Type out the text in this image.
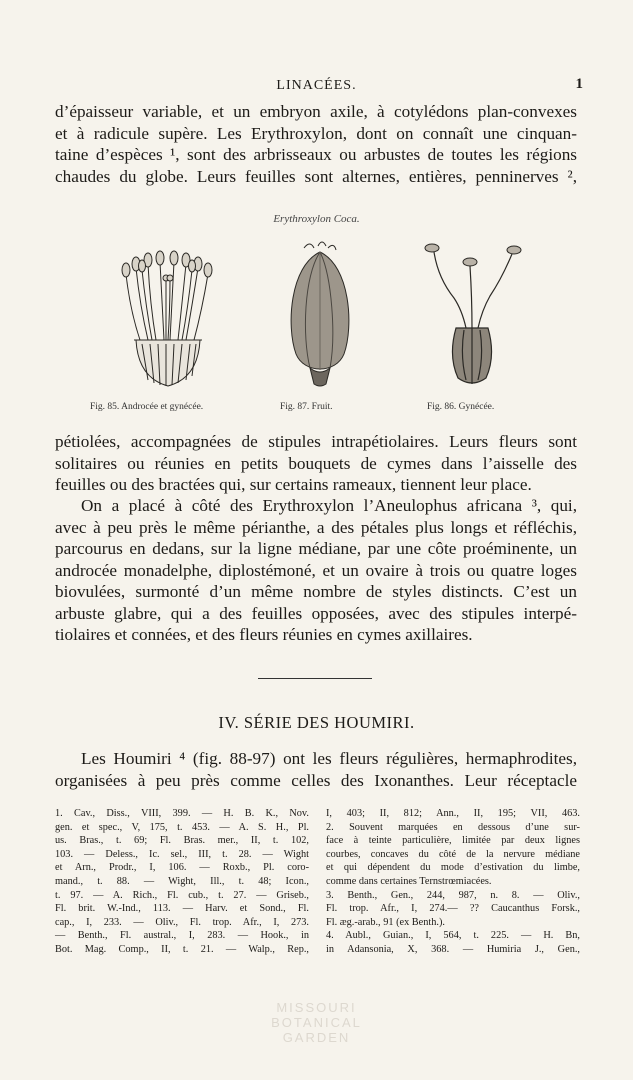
LINACÉES.	1
d’épaisseur variable, et un embryon axile, à cotylédons plan-convexes
et à radicule supère. Les Erythroxylon, dont on connaît une cinquan-
taine d’espèces ¹, sont des arbrisseaux ou arbustes de toutes les régions
chaudes du globe. Leurs feuilles sont alternes, entières, penninerves ²,
Erythroxylon Coca.
Fig. 85. Androcée et gynécée.	Fig. 87. Fruit.	Fig. 86. Gynécée.
pétiolées, accompagnées de stipules intrapétiolaires. Leurs fleurs sont
solitaires ou réunies en petits bouquets de cymes dans l’aisselle des
feuilles ou des bractées qui, sur certains rameaux, tiennent leur place.
On a placé à côté des Erythroxylon l’Aneulophus africana ³, qui,
avec à peu près le même périanthe, a des pétales plus longs et réfléchis,
parcourus en dedans, sur la ligne médiane, par une côte proéminente, un
androcée monadelphe, diplostémoné, et un ovaire à trois ou quatre loges
biovulées, surmonté d’un même nombre de styles distincts. C’est un
arbuste glabre, qui a des feuilles opposées, avec des stipules interpé-
tiolaires et connées, et des fleurs réunies en cymes axillaires.
IV. SÉRIE DES HOUMIRI.
Les Houmiri ⁴ (fig. 88-97) ont les fleurs régulières, hermaphrodites,
organisées à peu près comme celles des Ixonanthes. Leur réceptacle
1. Cav., Diss., VIII, 399. — H. B. K., Nov.
gen. et spec., V, 175, t. 453. — A. S. H., Pl.
us. Bras., t. 69; Fl. Bras. mer., II, t. 102,
103. — Deless., Ic. sel., III, t. 28. — Wight
et Arn., Prodr., I, 106. — Roxb., Pl. coro-
mand., t. 88. — Wight, Ill., t. 48; Icon.,
t. 97. — A. Rich., Fl. cub., t. 27. — Griseb.,
Fl. brit. W.-Ind., 113. — Harv. et Sond., Fl.
cap., I, 233. — Oliv., Fl. trop. Afr., I, 273.
— Benth., Fl. austral., I, 283. — Hook., in
Bot. Mag. Comp., II, t. 21. — Walp., Rep.,
I, 403; II, 812; Ann., II, 195; VII, 463.
2. Souvent marquées en dessous d’une sur-
face à teinte particulière, limitée par deux lignes
courbes, concaves du côté de la nervure médiane
et qui dépendent du mode d’estivation du limbe,
comme dans certaines Ternstrœmiacées.
3. Benth., Gen., 244, 987, n. 8. — Oliv.,
Fl. trop. Afr., I, 274.— ?? Caucanthus Forsk.,
Fl. æg.-arab., 91 (ex Benth.).
4. Aubl., Guian., I, 564, t. 225. — H. Bn,
in Adansonia, X, 368. — Humiria J., Gen.,
MISSOURI
BOTANICAL
GARDEN
